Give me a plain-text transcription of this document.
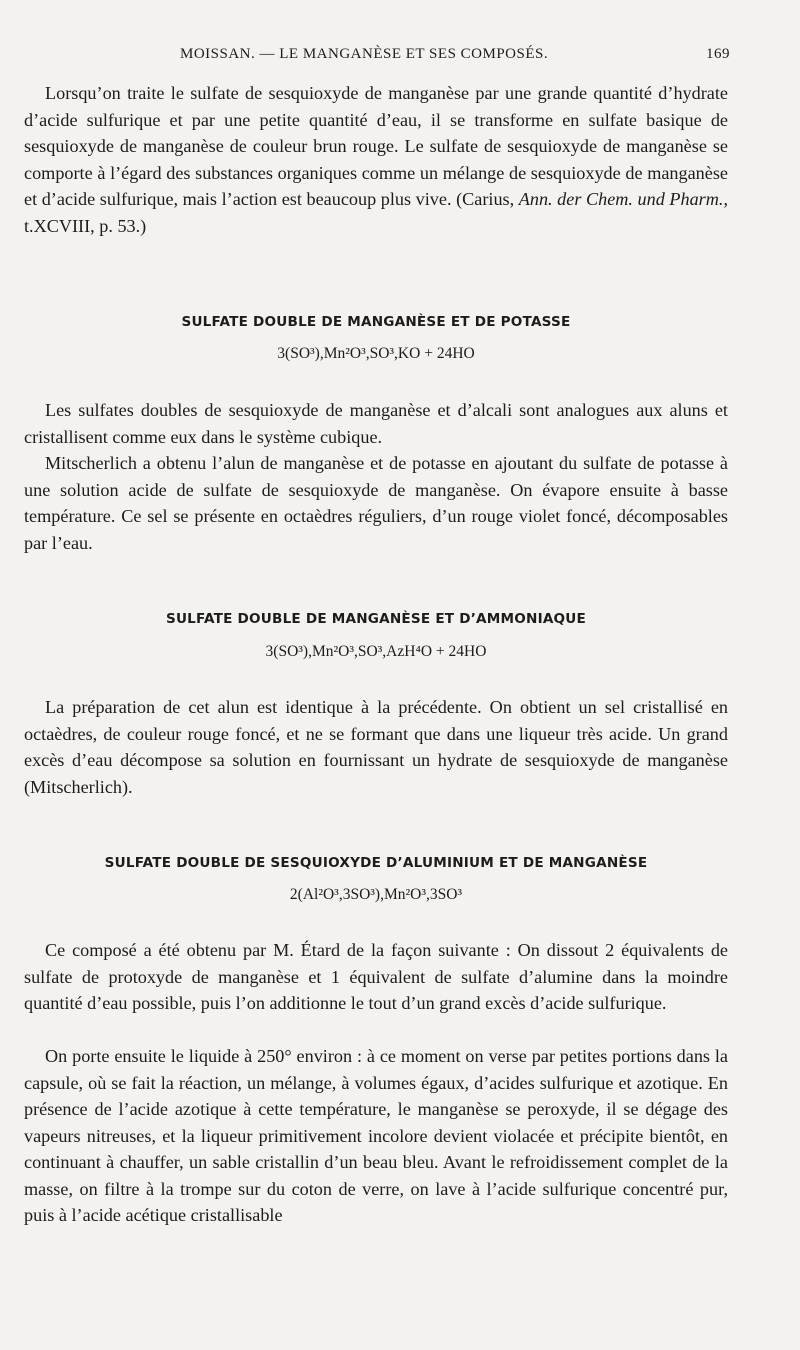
MOISSAN. — LE MANGANÈSE ET SES COMPOSÉS.	169

Lorsqu’on traite le sulfate de sesquioxyde de manganèse par une grande quantité d’hydrate d’acide sulfurique et par une petite quantité d’eau, il se transforme en sulfate basique de sesquioxyde de manganèse de couleur brun rouge. Le sulfate de sesquioxyde de manganèse se comporte à l’égard des substances organiques comme un mélange de sesquioxyde de manganèse et d’acide sulfurique, mais l’action est beaucoup plus vive. (Carius, Ann. der Chem. und Pharm., t.XCVIII, p. 53.)

SULFATE DOUBLE DE MANGANÈSE ET DE POTASSE

3(SO³),Mn²O³,SO³,KO + 24HO

Les sulfates doubles de sesquioxyde de manganèse et d’alcali sont analogues aux aluns et cristallisent comme eux dans le système cubique.

Mitscherlich a obtenu l’alun de manganèse et de potasse en ajoutant du sulfate de potasse à une solution acide de sulfate de sesquioxyde de manganèse. On évapore ensuite à basse température. Ce sel se présente en octaèdres réguliers, d’un rouge violet foncé, décomposables par l’eau.

SULFATE DOUBLE DE MANGANÈSE ET D’AMMONIAQUE

3(SO³),Mn²O³,SO³,AzH⁴O + 24HO

La préparation de cet alun est identique à la précédente. On obtient un sel cristallisé en octaèdres, de couleur rouge foncé, et ne se formant que dans une liqueur très acide. Un grand excès d’eau décompose sa solution en fournissant un hydrate de sesquioxyde de manganèse (Mitscherlich).

SULFATE DOUBLE DE SESQUIOXYDE D’ALUMINIUM ET DE MANGANÈSE

2(Al²O³,3SO³),Mn²O³,3SO³

Ce composé a été obtenu par M. Étard de la façon suivante : On dissout 2 équivalents de sulfate de protoxyde de manganèse et 1 équivalent de sulfate d’alumine dans la moindre quantité d’eau possible, puis l’on additionne le tout d’un grand excès d’acide sulfurique.

On porte ensuite le liquide à 250° environ : à ce moment on verse par petites portions dans la capsule, où se fait la réaction, un mélange, à volumes égaux, d’acides sulfurique et azotique. En présence de l’acide azotique à cette température, le manganèse se peroxyde, il se dégage des vapeurs nitreuses, et la liqueur primitivement incolore devient violacée et précipite bientôt, en continuant à chauffer, un sable cristallin d’un beau bleu. Avant le refroidissement complet de la masse, on filtre à la trompe sur du coton de verre, on lave à l’acide sulfurique concentré pur, puis à l’acide acétique cristallisable
